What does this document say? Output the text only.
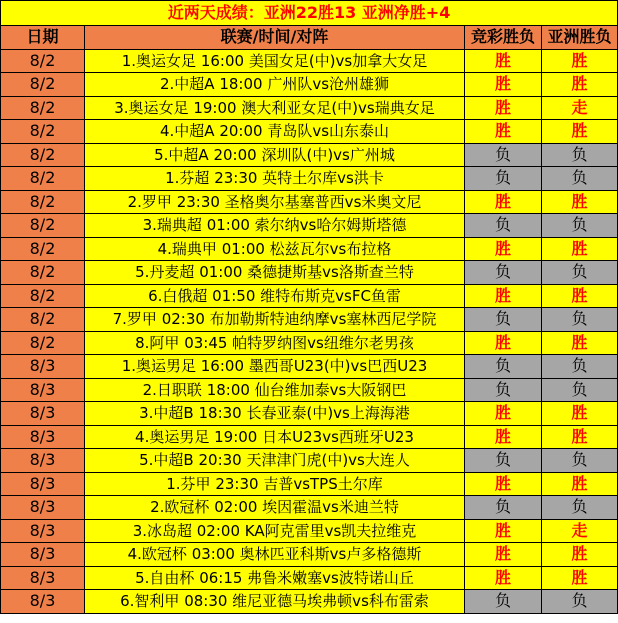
近两天成绩：亚洲22胜13 亚洲净胜+4			
日期	联赛/时间/对阵	竞彩胜负	亚洲胜负
8/2	1.奥运女足 16:00 美国女足(中)vs加拿大女足	胜	胜
8/2	2.中超A 18:00 广州队vs沧州雄狮	胜	胜
8/2	3.奥运女足 19:00 澳大利亚女足(中)vs瑞典女足	胜	走
8/2	4.中超A 20:00 青岛队vs山东泰山	胜	胜
8/2	5.中超A 20:00 深圳队(中)vs广州城	负	负
8/2	1.芬超 23:30 英特土尔库vs洪卡	负	负
8/2	2.罗甲 23:30 圣格奥尔基塞普西vs米奥文尼	胜	胜
8/2	3.瑞典超 01:00 索尔纳vs哈尔姆斯塔德	负	负
8/2	4.瑞典甲 01:00 松兹瓦尔vs布拉格	胜	胜
8/2	5.丹麦超 01:00 桑德捷斯基vs洛斯查兰特	负	负
8/2	6.白俄超 01:50 维特布斯克vsFC鱼雷	胜	胜
8/2	7.罗甲 02:30 布加勒斯特迪纳摩vs塞林西尼学院	负	负
8/2	8.阿甲 03:45 帕特罗纳图vs纽维尔老男孩	胜	胜
8/3	1.奥运男足 16:00 墨西哥U23(中)vs巴西U23	负	负
8/3	2.日职联 18:00 仙台维加泰vs大阪钢巴	负	负
8/3	3.中超B 18:30 长春亚泰(中)vs上海海港	胜	胜
8/3	4.奥运男足 19:00 日本U23vs西班牙U23	胜	胜
8/3	5.中超B 20:30 天津津门虎(中)vs大连人	负	负
8/3	1.芬甲 23:30 吉普vsTPS土尔库	胜	胜
8/3	2.欧冠杯 02:00 埃因霍温vs米迪兰特	负	负
8/3	3.冰岛超 02:00 KA阿克雷里vs凯夫拉维克	胜	走
8/3	4.欧冠杯 03:00 奥林匹亚科斯vs卢多格德斯	胜	胜
8/3	5.自由杯 06:15 弗鲁米嫩塞vs波特诺山丘	胜	胜
8/3	6.智利甲 08:30 维尼亚德马埃弗顿vs科布雷索	负	负
